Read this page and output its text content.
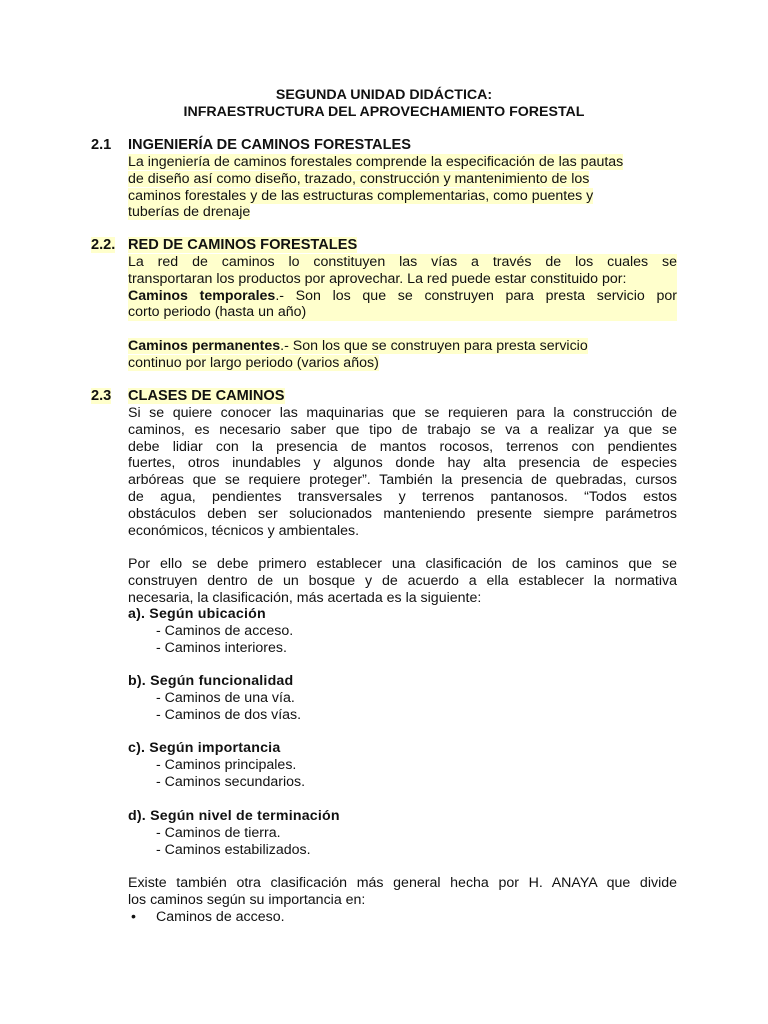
SEGUNDA UNIDAD DIDÁCTICA:
INFRAESTRUCTURA DEL APROVECHAMIENTO FORESTAL
2.1 INGENIERÍA DE CAMINOS FORESTALES
La ingeniería de caminos forestales comprende la especificación de las pautas
de diseño así como diseño, trazado, construcción y mantenimiento de los
caminos forestales y de las estructuras complementarias, como puentes y
tuberías de drenaje
2.2. RED DE CAMINOS FORESTALES
La red de caminos lo constituyen las vías a través de los cuales se
transportaran los productos por aprovechar. La red puede estar constituido por:
Caminos temporales.- Son los que se construyen para presta servicio por
corto periodo (hasta un año)
Caminos permanentes.- Son los que se construyen para presta servicio
continuo por largo periodo (varios años)
2.3 CLASES DE CAMINOS
Si se quiere conocer las maquinarias que se requieren para la construcción de
caminos, es necesario saber que tipo de trabajo se va a realizar ya que se
debe lidiar con la presencia de mantos rocosos, terrenos con pendientes
fuertes, otros inundables y algunos donde hay alta presencia de especies
arbóreas que se requiere proteger”. También la presencia de quebradas, cursos
de agua, pendientes transversales y terrenos pantanosos. “Todos estos
obstáculos deben ser solucionados manteniendo presente siempre parámetros
económicos, técnicos y ambientales.
Por ello se debe primero establecer una clasificación de los caminos que se
construyen dentro de un bosque y de acuerdo a ella establecer la normativa
necesaria, la clasificación, más acertada es la siguiente:
a). Según ubicación
- Caminos de acceso.
- Caminos interiores.
b). Según funcionalidad
- Caminos de una vía.
- Caminos de dos vías.
c). Según importancia
- Caminos principales.
- Caminos secundarios.
d). Según nivel de terminación
- Caminos de tierra.
- Caminos estabilizados.
Existe también otra clasificación más general hecha por H. ANAYA que divide
los caminos según su importancia en:
• Caminos de acceso.
